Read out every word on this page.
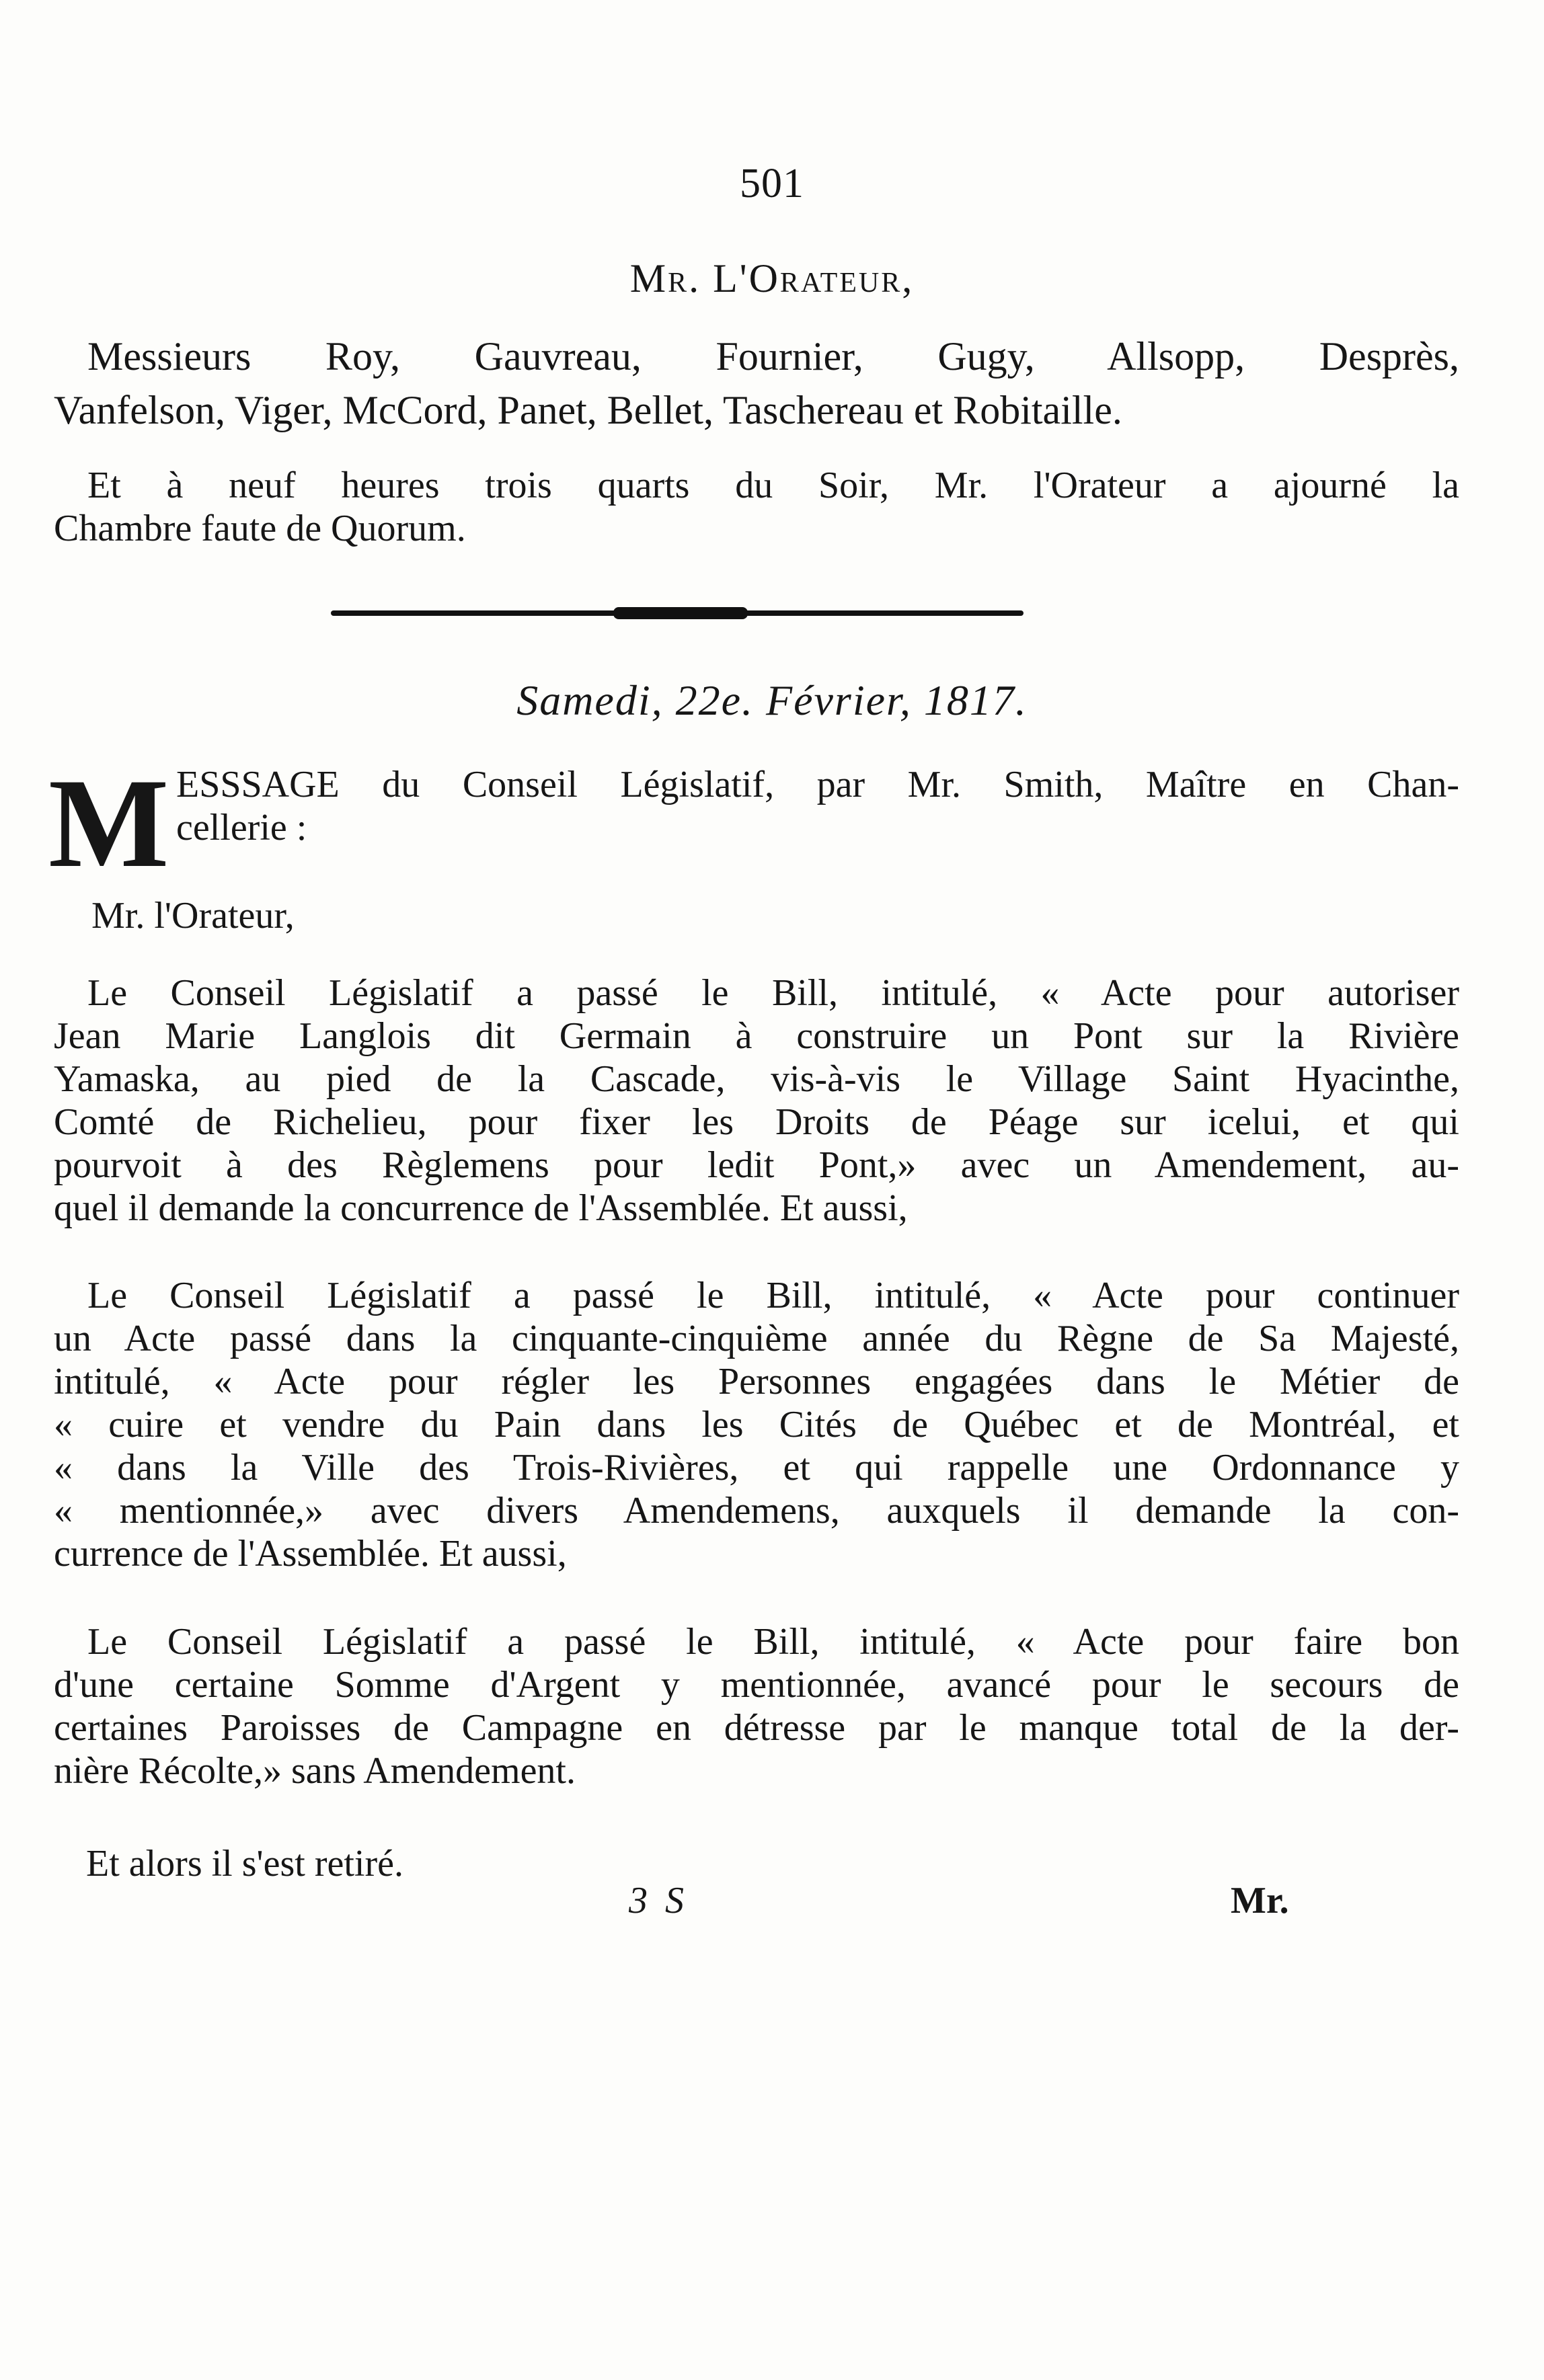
501
Mr. L'Orateur,
Messieurs Roy, Gauvreau, Fournier, Gugy, Allsopp, Desprès,
Vanfelson, Viger, McCord, Panet, Bellet, Taschereau et Robitaille.
Et à neuf heures trois quarts du Soir, Mr. l'Orateur a ajourné la
Chambre faute de Quorum.
Samedi, 22e. Février, 1817.
M ESSSAGE du Conseil Législatif, par Mr. Smith, Maître en Chan-
cellerie :
Mr. l'Orateur,
Le Conseil Législatif a passé le Bill, intitulé, « Acte pour autoriser
Jean Marie Langlois dit Germain à construire un Pont sur la Rivière
Yamaska, au pied de la Cascade, vis-à-vis le Village Saint Hyacinthe,
Comté de Richelieu, pour fixer les Droits de Péage sur icelui, et qui
pourvoit à des Règlemens pour ledit Pont,» avec un Amendement, au-
quel il demande la concurrence de l'Assemblée. Et aussi,
Le Conseil Législatif a passé le Bill, intitulé, « Acte pour continuer
un Acte passé dans la cinquante-cinquième année du Règne de Sa Majesté,
intitulé, « Acte pour régler les Personnes engagées dans le Métier de
« cuire et vendre du Pain dans les Cités de Québec et de Montréal, et
« dans la Ville des Trois-Rivières, et qui rappelle une Ordonnance y
« mentionnée,» avec divers Amendemens, auxquels il demande la con-
currence de l'Assemblée. Et aussi,
Le Conseil Législatif a passé le Bill, intitulé, « Acte pour faire bon
d'une certaine Somme d'Argent y mentionnée, avancé pour le secours de
certaines Paroisses de Campagne en détresse par le manque total de la der-
nière Récolte,» sans Amendement.
Et alors il s'est retiré.
3 S	Mr.
